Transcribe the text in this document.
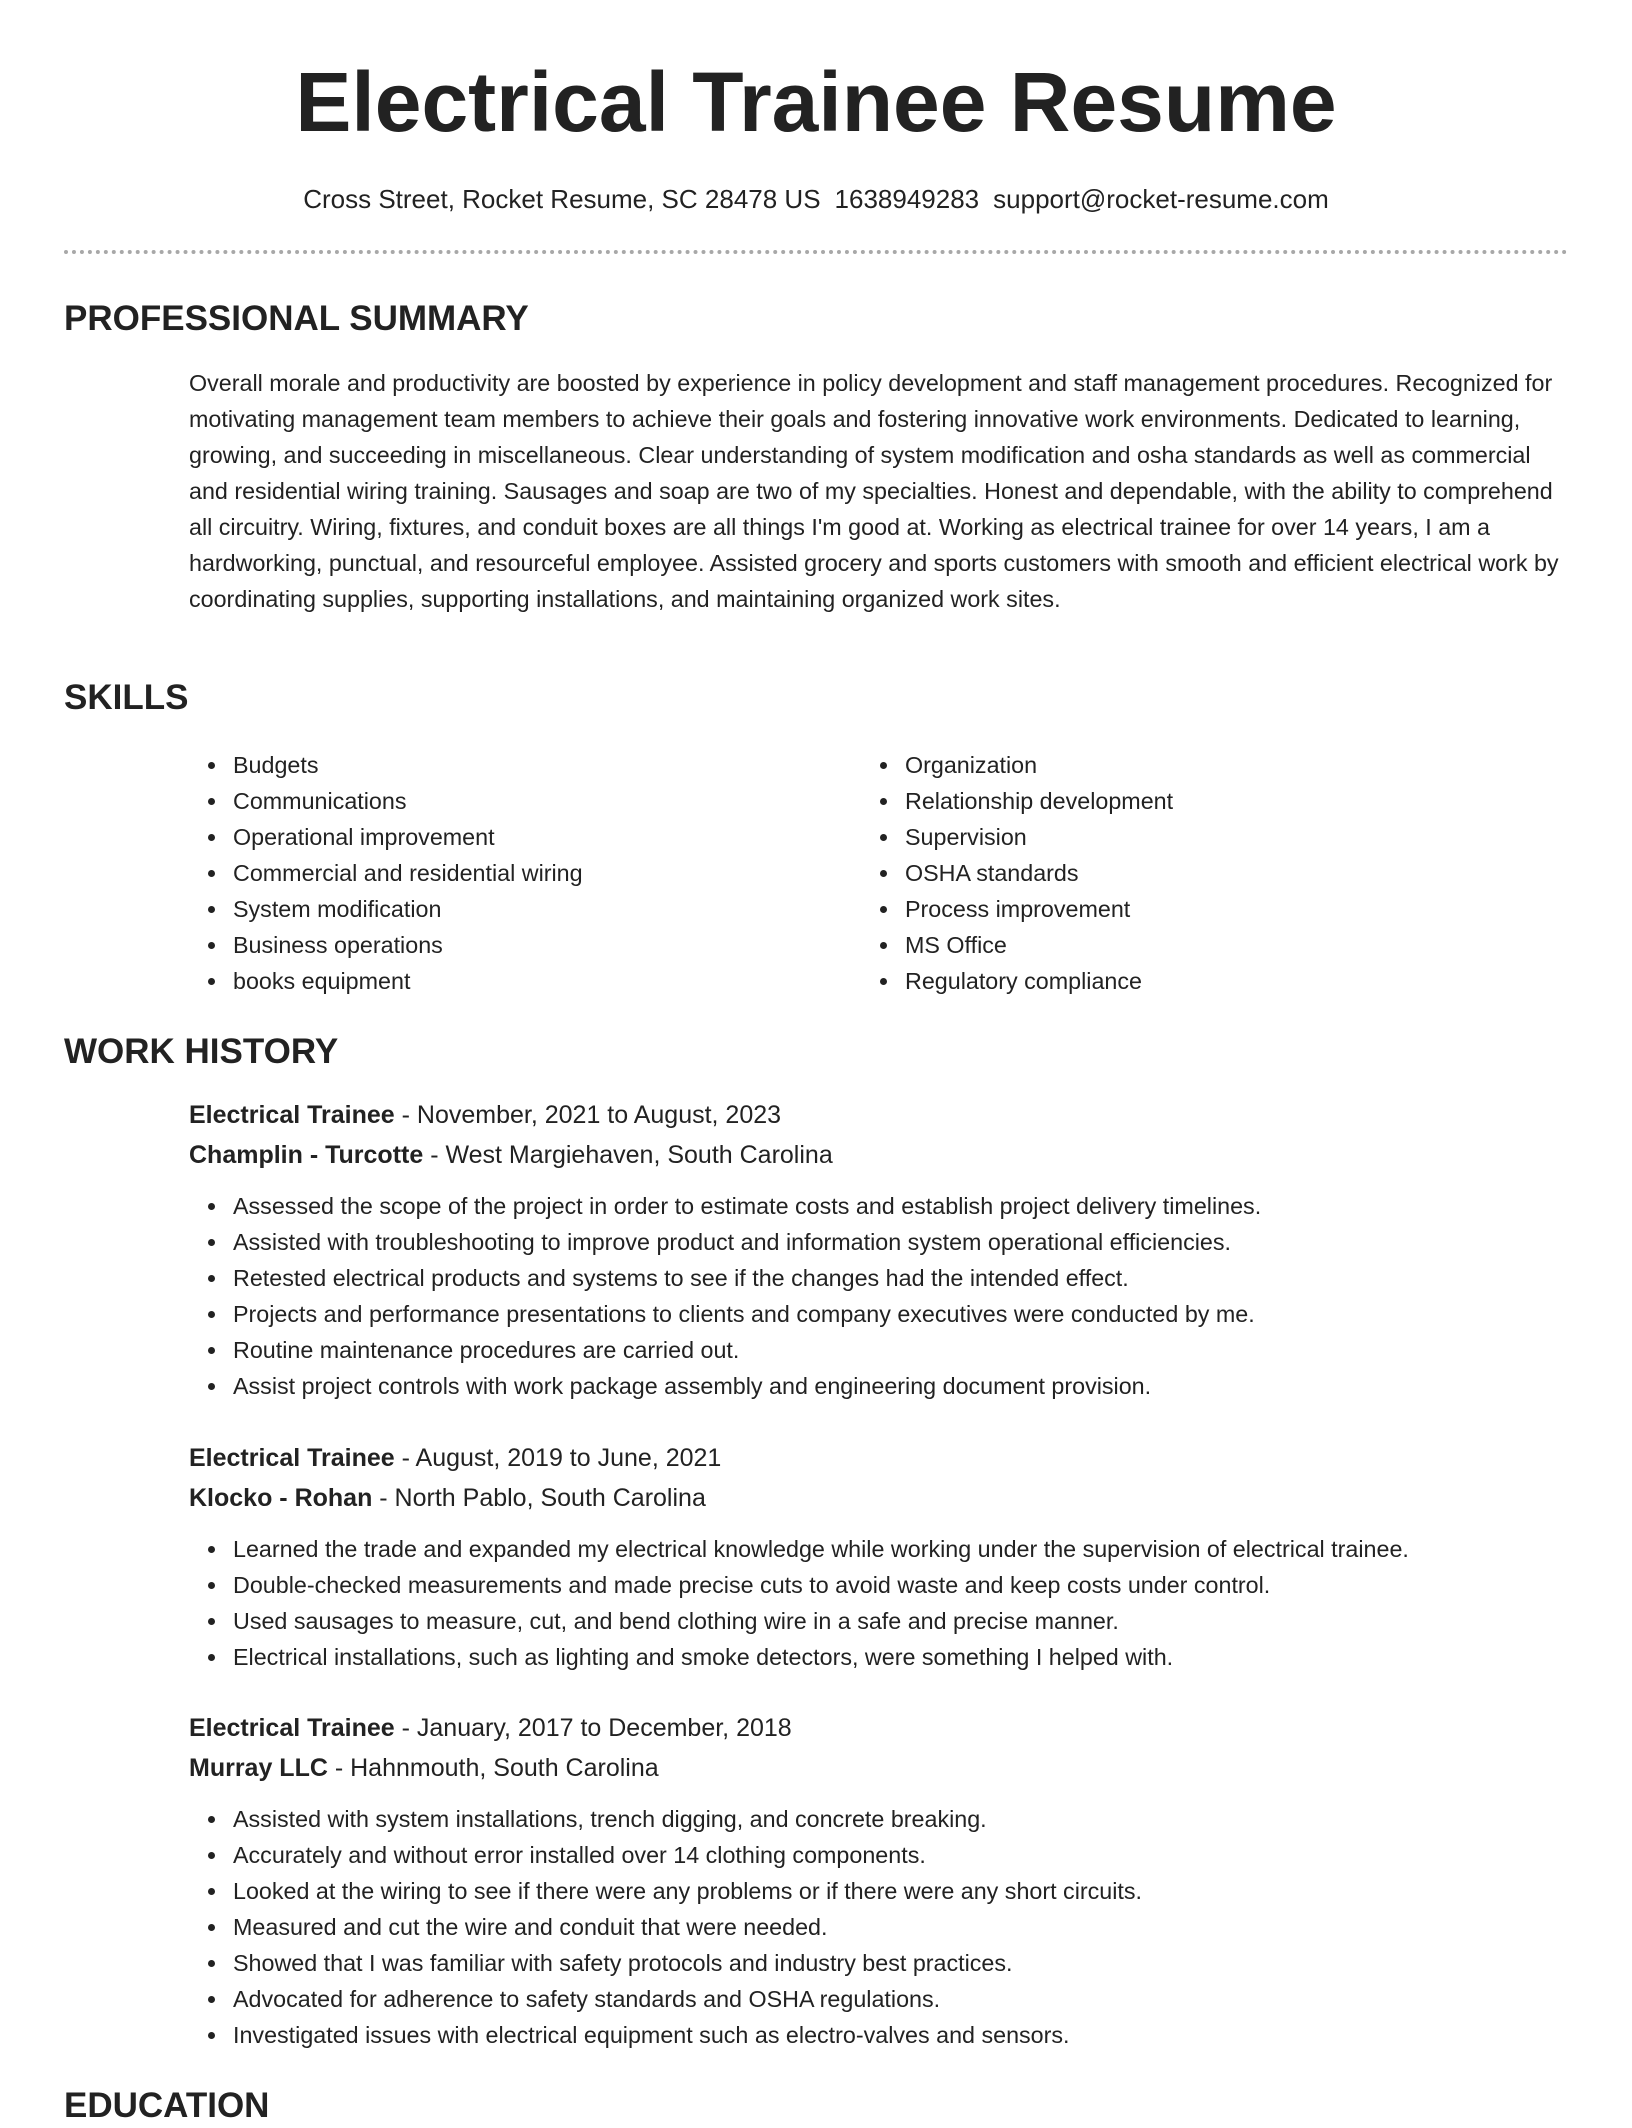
Electrical Trainee Resume
Cross Street, Rocket Resume, SC 28478 US 1638949283 support@rocket-resume.com
PROFESSIONAL SUMMARY

Overall morale and productivity are boosted by experience in policy development and staff management procedures. Recognized for motivating management team members to achieve their goals and fostering innovative work environments. Dedicated to learning, growing, and succeeding in miscellaneous. Clear understanding of system modification and osha standards as well as commercial and residential wiring training. Sausages and soap are two of my specialties. Honest and dependable, with the ability to comprehend all circuitry. Wiring, fixtures, and conduit boxes are all things I'm good at. Working as electrical trainee for over 14 years, I am a hardworking, punctual, and resourceful employee. Assisted grocery and sports customers with smooth and efficient electrical work by coordinating supplies, supporting installations, and maintaining organized work sites.

SKILLS
Budgets
Communications
Operational improvement
Commercial and residential wiring
System modification
Business operations
books equipment
Organization
Relationship development
Supervision
OSHA standards
Process improvement
MS Office
Regulatory compliance
WORK HISTORY
Electrical Trainee - November, 2021 to August, 2023
Champlin - Turcotte - West Margiehaven, South Carolina
Assessed the scope of the project in order to estimate costs and establish project delivery timelines.
Assisted with troubleshooting to improve product and information system operational efficiencies.
Retested electrical products and systems to see if the changes had the intended effect.
Projects and performance presentations to clients and company executives were conducted by me.
Routine maintenance procedures are carried out.
Assist project controls with work package assembly and engineering document provision.
Electrical Trainee - August, 2019 to June, 2021
Klocko - Rohan - North Pablo, South Carolina
Learned the trade and expanded my electrical knowledge while working under the supervision of electrical trainee.
Double-checked measurements and made precise cuts to avoid waste and keep costs under control.
Used sausages to measure, cut, and bend clothing wire in a safe and precise manner.
Electrical installations, such as lighting and smoke detectors, were something I helped with.
Electrical Trainee - January, 2017 to December, 2018
Murray LLC - Hahnmouth, South Carolina
Assisted with system installations, trench digging, and concrete breaking.
Accurately and without error installed over 14 clothing components.
Looked at the wiring to see if there were any problems or if there were any short circuits.
Measured and cut the wire and conduit that were needed.
Showed that I was familiar with safety protocols and industry best practices.
Advocated for adherence to safety standards and OSHA regulations.
Investigated issues with electrical equipment such as electro-valves and sensors.
EDUCATION
